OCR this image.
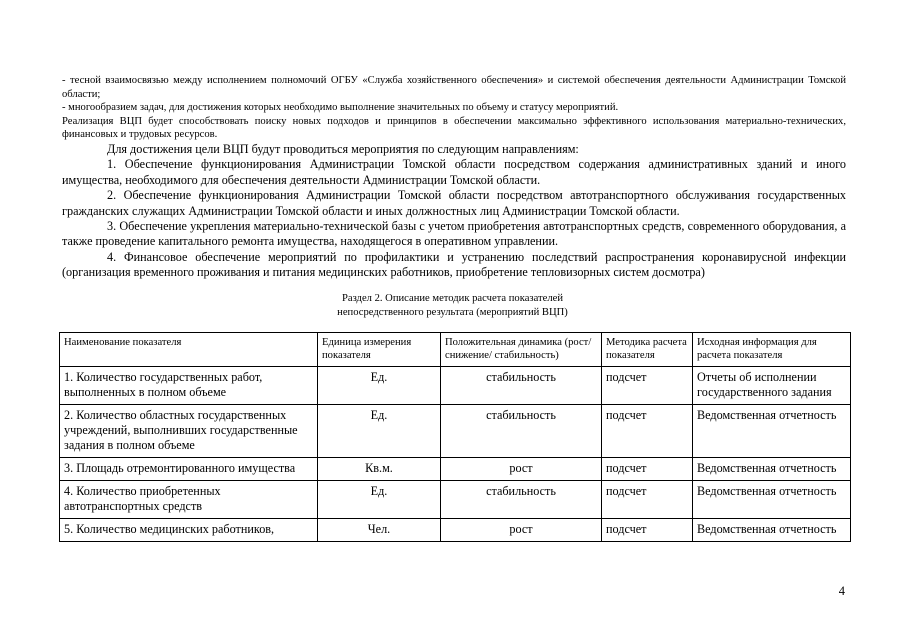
- тесной взаимосвязью между исполнением полномочий ОГБУ «Служба хозяйственного обеспечения» и системой обеспечения деятельности Администрации Томской области;

- многообразием задач, для достижения которых необходимо выполнение значительных по объему и статусу мероприятий.

Реализация ВЦП будет способствовать поиску новых подходов и принципов в обеспечении максимально эффективного использования материально-технических, финансовых и трудовых ресурсов.

Для достижения цели ВЦП будут проводиться мероприятия по следующим направлениям:

1. Обеспечение функционирования Администрации Томской области посредством содержания административных зданий и иного имущества, необходимого для обеспечения деятельности Администрации Томской области.

2. Обеспечение функционирования Администрации Томской области посредством автотранспортного обслуживания государственных гражданских служащих Администрации Томской области и иных должностных лиц Администрации Томской области.

3. Обеспечение укрепления материально-технической базы с учетом приобретения автотранспортных средств, современного оборудования, а также проведение капитального ремонта имущества, находящегося в оперативном управлении.

4. Финансовое обеспечение мероприятий по профилактики и устранению последствий распространения коронавирусной инфекции (организация временного проживания и питания медицинских работников, приобретение тепловизорных систем досмотра)

Раздел 2. Описание методик расчета показателей
непосредственного результата (мероприятий ВЦП)
Наименование показателя	Единица измерения показателя	Положительная динамика (рост/снижение/ стабильность)	Методика расчета показателя	Исходная информация для расчета показателя
1. Количество государственных работ, выполненных в полном объеме	Ед.	стабильность	подсчет	Отчеты об исполнении государственного задания
2. Количество областных государственных учреждений, выполнивших государственные задания в полном объеме	Ед.	стабильность	подсчет	Ведомственная отчетность
3. Площадь отремонтированного имущества	Кв.м.	рост	подсчет	Ведомственная отчетность
4. Количество приобретенных автотранспортных средств	Ед.	стабильность	подсчет	Ведомственная отчетность
5. Количество медицинских работников,	Чел.	рост	подсчет	Ведомственная отчетность
4
